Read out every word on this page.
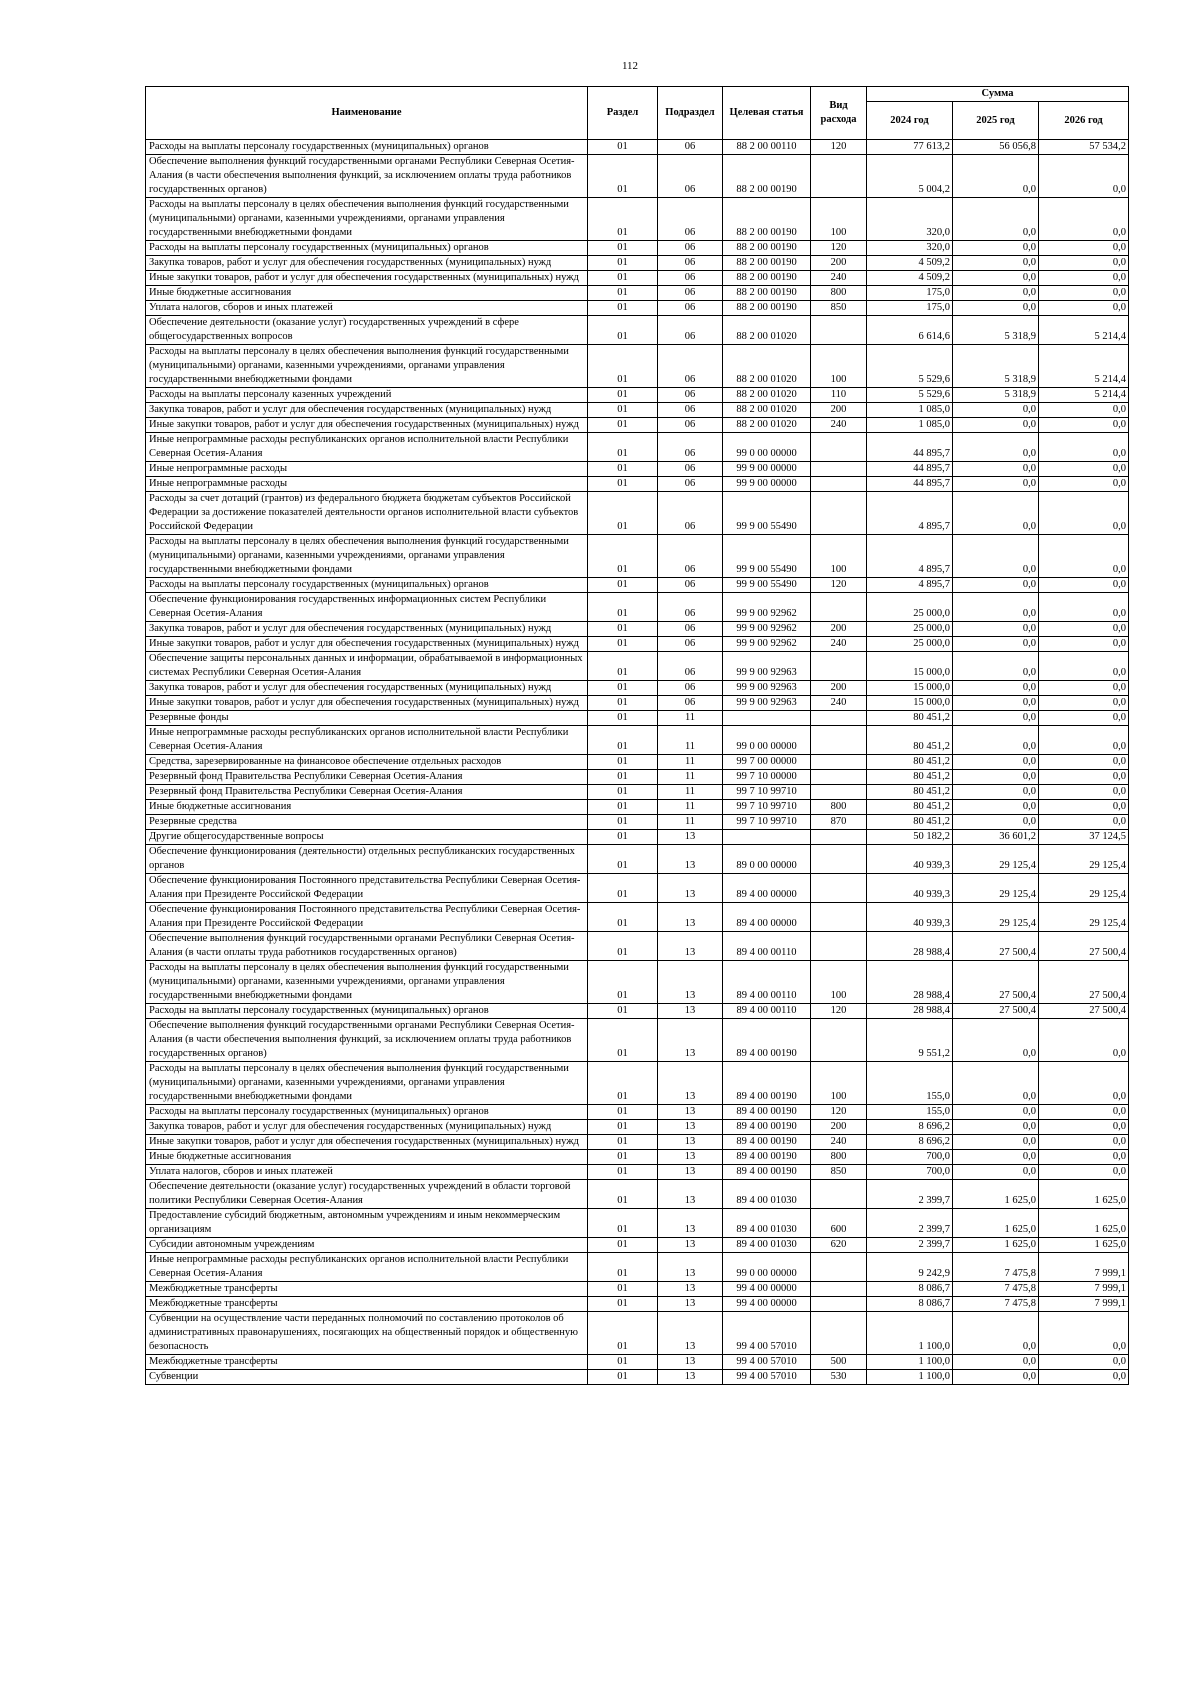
112
Наименование	Раздел	Подраздел	Целевая статья	Вид расхода	Сумма		
					2024 год	2025 год	2026 год
Расходы на выплаты персоналу государственных (муниципальных) органов	01	06	88 2 00 00110	120	77 613,2	56 056,8	57 534,2
Обеспечение выполнения функций государственными органами Республики Северная Осетия-Алания (в части обеспечения выполнения функций, за исключением оплаты труда работников государственных органов)	01	06	88 2 00 00190		5 004,2	0,0	0,0
Расходы на выплаты персоналу в целях обеспечения выполнения функций государственными (муниципальными) органами, казенными учреждениями, органами управления государственными внебюджетными фондами	01	06	88 2 00 00190	100	320,0	0,0	0,0
Расходы на выплаты персоналу государственных (муниципальных) органов	01	06	88 2 00 00190	120	320,0	0,0	0,0
Закупка товаров, работ и услуг для обеспечения государственных (муниципальных) нужд	01	06	88 2 00 00190	200	4 509,2	0,0	0,0
Иные закупки товаров, работ и услуг для обеспечения государственных (муниципальных) нужд	01	06	88 2 00 00190	240	4 509,2	0,0	0,0
Иные бюджетные ассигнования	01	06	88 2 00 00190	800	175,0	0,0	0,0
Уплата налогов, сборов и иных платежей	01	06	88 2 00 00190	850	175,0	0,0	0,0
Обеспечение деятельности (оказание услуг) государственных учреждений в сфере общегосударственных вопросов	01	06	88 2 00 01020		6 614,6	5 318,9	5 214,4
Расходы на выплаты персоналу в целях обеспечения выполнения функций государственными (муниципальными) органами, казенными учреждениями, органами управления государственными внебюджетными фондами	01	06	88 2 00 01020	100	5 529,6	5 318,9	5 214,4
Расходы на выплаты персоналу казенных учреждений	01	06	88 2 00 01020	110	5 529,6	5 318,9	5 214,4
Закупка товаров, работ и услуг для обеспечения государственных (муниципальных) нужд	01	06	88 2 00 01020	200	1 085,0	0,0	0,0
Иные закупки товаров, работ и услуг для обеспечения государственных (муниципальных) нужд	01	06	88 2 00 01020	240	1 085,0	0,0	0,0
Иные непрограммные расходы республиканских органов исполнительной власти Республики Северная Осетия-Алания	01	06	99 0 00 00000		44 895,7	0,0	0,0
Иные непрограммные расходы	01	06	99 9 00 00000		44 895,7	0,0	0,0
Иные непрограммные расходы	01	06	99 9 00 00000		44 895,7	0,0	0,0
Расходы за счет дотаций (грантов) из федерального бюджета бюджетам субъектов Российской Федерации за достижение показателей деятельности органов исполнительной власти субъектов Российской Федерации	01	06	99 9 00 55490		4 895,7	0,0	0,0
Расходы на выплаты персоналу в целях обеспечения выполнения функций государственными (муниципальными) органами, казенными учреждениями, органами управления государственными внебюджетными фондами	01	06	99 9 00 55490	100	4 895,7	0,0	0,0
Расходы на выплаты персоналу государственных (муниципальных) органов	01	06	99 9 00 55490	120	4 895,7	0,0	0,0
Обеспечение функционирования государственных информационных систем Республики Северная Осетия-Алания	01	06	99 9 00 92962		25 000,0	0,0	0,0
Закупка товаров, работ и услуг для обеспечения государственных (муниципальных) нужд	01	06	99 9 00 92962	200	25 000,0	0,0	0,0
Иные закупки товаров, работ и услуг для обеспечения государственных (муниципальных) нужд	01	06	99 9 00 92962	240	25 000,0	0,0	0,0
Обеспечение защиты персональных данных и информации, обрабатываемой в информационных системах Республики Северная Осетия-Алания	01	06	99 9 00 92963		15 000,0	0,0	0,0
Закупка товаров, работ и услуг для обеспечения государственных (муниципальных) нужд	01	06	99 9 00 92963	200	15 000,0	0,0	0,0
Иные закупки товаров, работ и услуг для обеспечения государственных (муниципальных) нужд	01	06	99 9 00 92963	240	15 000,0	0,0	0,0
Резервные фонды	01	11			80 451,2	0,0	0,0
Иные непрограммные расходы республиканских органов исполнительной власти Республики Северная Осетия-Алания	01	11	99 0 00 00000		80 451,2	0,0	0,0
Средства, зарезервированные на финансовое обеспечение отдельных расходов	01	11	99 7 00 00000		80 451,2	0,0	0,0
Резервный фонд Правительства Республики Северная Осетия-Алания	01	11	99 7 10 00000		80 451,2	0,0	0,0
Резервный фонд Правительства Республики Северная Осетия-Алания	01	11	99 7 10 99710		80 451,2	0,0	0,0
Иные бюджетные ассигнования	01	11	99 7 10 99710	800	80 451,2	0,0	0,0
Резервные средства	01	11	99 7 10 99710	870	80 451,2	0,0	0,0
Другие общегосударственные вопросы	01	13			50 182,2	36 601,2	37 124,5
Обеспечение функционирования (деятельности) отдельных республиканских государственных органов	01	13	89 0 00 00000		40 939,3	29 125,4	29 125,4
Обеспечение функционирования Постоянного представительства Республики Северная Осетия-Алания при Президенте Российской Федерации	01	13	89 4 00 00000		40 939,3	29 125,4	29 125,4
Обеспечение функционирования Постоянного представительства Республики Северная Осетия-Алания при Президенте Российской Федерации	01	13	89 4 00 00000		40 939,3	29 125,4	29 125,4
Обеспечение выполнения функций государственными органами Республики Северная Осетия-Алания (в части оплаты труда работников государственных органов)	01	13	89 4 00 00110		28 988,4	27 500,4	27 500,4
Расходы на выплаты персоналу в целях обеспечения выполнения функций государственными (муниципальными) органами, казенными учреждениями, органами управления государственными внебюджетными фондами	01	13	89 4 00 00110	100	28 988,4	27 500,4	27 500,4
Расходы на выплаты персоналу государственных (муниципальных) органов	01	13	89 4 00 00110	120	28 988,4	27 500,4	27 500,4
Обеспечение выполнения функций государственными органами Республики Северная Осетия-Алания (в части обеспечения выполнения функций, за исключением оплаты труда работников государственных органов)	01	13	89 4 00 00190		9 551,2	0,0	0,0
Расходы на выплаты персоналу в целях обеспечения выполнения функций государственными (муниципальными) органами, казенными учреждениями, органами управления государственными внебюджетными фондами	01	13	89 4 00 00190	100	155,0	0,0	0,0
Расходы на выплаты персоналу государственных (муниципальных) органов	01	13	89 4 00 00190	120	155,0	0,0	0,0
Закупка товаров, работ и услуг для обеспечения государственных (муниципальных) нужд	01	13	89 4 00 00190	200	8 696,2	0,0	0,0
Иные закупки товаров, работ и услуг для обеспечения государственных (муниципальных) нужд	01	13	89 4 00 00190	240	8 696,2	0,0	0,0
Иные бюджетные ассигнования	01	13	89 4 00 00190	800	700,0	0,0	0,0
Уплата налогов, сборов и иных платежей	01	13	89 4 00 00190	850	700,0	0,0	0,0
Обеспечение деятельности (оказание услуг) государственных учреждений в области торговой политики Республики Северная Осетия-Алания	01	13	89 4 00 01030		2 399,7	1 625,0	1 625,0
Предоставление субсидий бюджетным, автономным учреждениям и иным некоммерческим организациям	01	13	89 4 00 01030	600	2 399,7	1 625,0	1 625,0
Субсидии автономным учреждениям	01	13	89 4 00 01030	620	2 399,7	1 625,0	1 625,0
Иные непрограммные расходы республиканских органов исполнительной власти Республики Северная Осетия-Алания	01	13	99 0 00 00000		9 242,9	7 475,8	7 999,1
Межбюджетные трансферты	01	13	99 4 00 00000		8 086,7	7 475,8	7 999,1
Межбюджетные трансферты	01	13	99 4 00 00000		8 086,7	7 475,8	7 999,1
Субвенции на осуществление части переданных полномочий по составлению протоколов об административных правонарушениях, посягающих на общественный порядок и общественную безопасность	01	13	99 4 00 57010		1 100,0	0,0	0,0
Межбюджетные трансферты	01	13	99 4 00 57010	500	1 100,0	0,0	0,0
Субвенции	01	13	99 4 00 57010	530	1 100,0	0,0	0,0
